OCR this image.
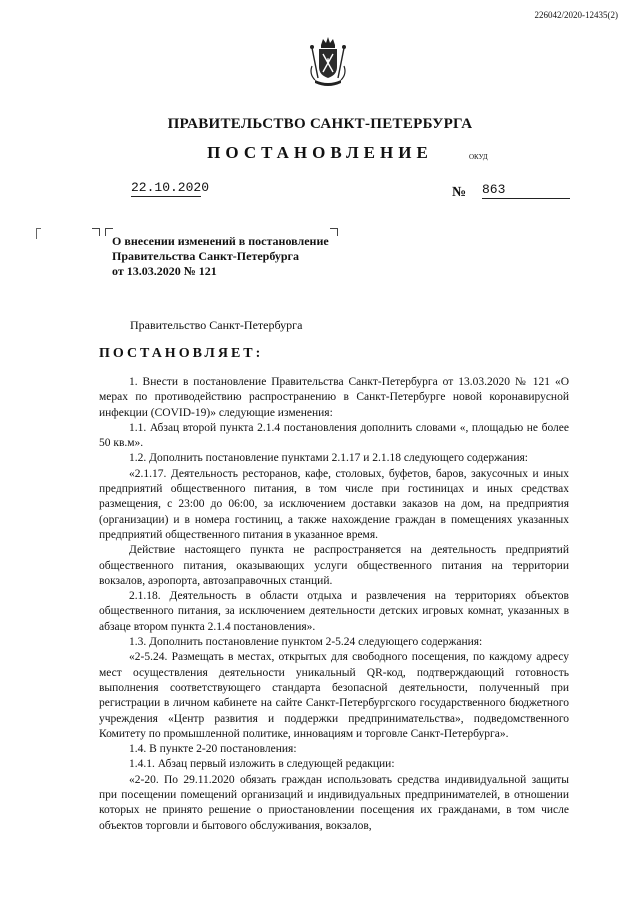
226042/2020-12435(2)
ПРАВИТЕЛЬСТВО САНКТ-ПЕТЕРБУРГА
ПОСТАНОВЛЕНИЕ	ОКУД
22.10.2020	№ 863
О внесении изменений в постановление
Правительства Санкт-Петербурга
от 13.03.2020 № 121
Правительство Санкт-Петербурга
ПОСТАНОВЛЯЕТ:

1. Внести в постановление Правительства Санкт-Петербурга от 13.03.2020 № 121 «О мерах по противодействию распространению в Санкт-Петербурге новой коронавирусной инфекции (COVID-19)» следующие изменения:

1.1. Абзац второй пункта 2.1.4 постановления дополнить словами «, площадью не более 50 кв.м».

1.2. Дополнить постановление пунктами 2.1.17 и 2.1.18 следующего содержания:

«2.1.17. Деятельность ресторанов, кафе, столовых, буфетов, баров, закусочных и иных предприятий общественного питания, в том числе при гостиницах и иных средствах размещения, с 23:00 до 06:00, за исключением доставки заказов на дом, на предприятия (организации) и в номера гостиниц, а также нахождение граждан в помещениях указанных предприятий общественного питания в указанное время.

Действие настоящего пункта не распространяется на деятельность предприятий общественного питания, оказывающих услуги общественного питания на территории вокзалов, аэропорта, автозаправочных станций.

2.1.18. Деятельность в области отдыха и развлечения на территориях объектов общественного питания, за исключением деятельности детских игровых комнат, указанных в абзаце втором пункта 2.1.4 постановления».

1.3. Дополнить постановление пунктом 2-5.24 следующего содержания:

«2-5.24. Размещать в местах, открытых для свободного посещения, по каждому адресу мест осуществления деятельности уникальный QR-код, подтверждающий готовность выполнения соответствующего стандарта безопасной деятельности, полученный при регистрации в личном кабинете на сайте Санкт-Петербургского государственного бюджетного учреждения «Центр развития и поддержки предпринимательства», подведомственного Комитету по промышленной политике, инновациям и торговле Санкт-Петербурга».

1.4. В пункте 2-20 постановления:

1.4.1. Абзац первый изложить в следующей редакции:

«2-20. По 29.11.2020 обязать граждан использовать средства индивидуальной защиты при посещении помещений организаций и индивидуальных предпринимателей, в отношении которых не принято решение о приостановлении посещения их гражданами, в том числе объектов торговли и бытового обслуживания, вокзалов,
